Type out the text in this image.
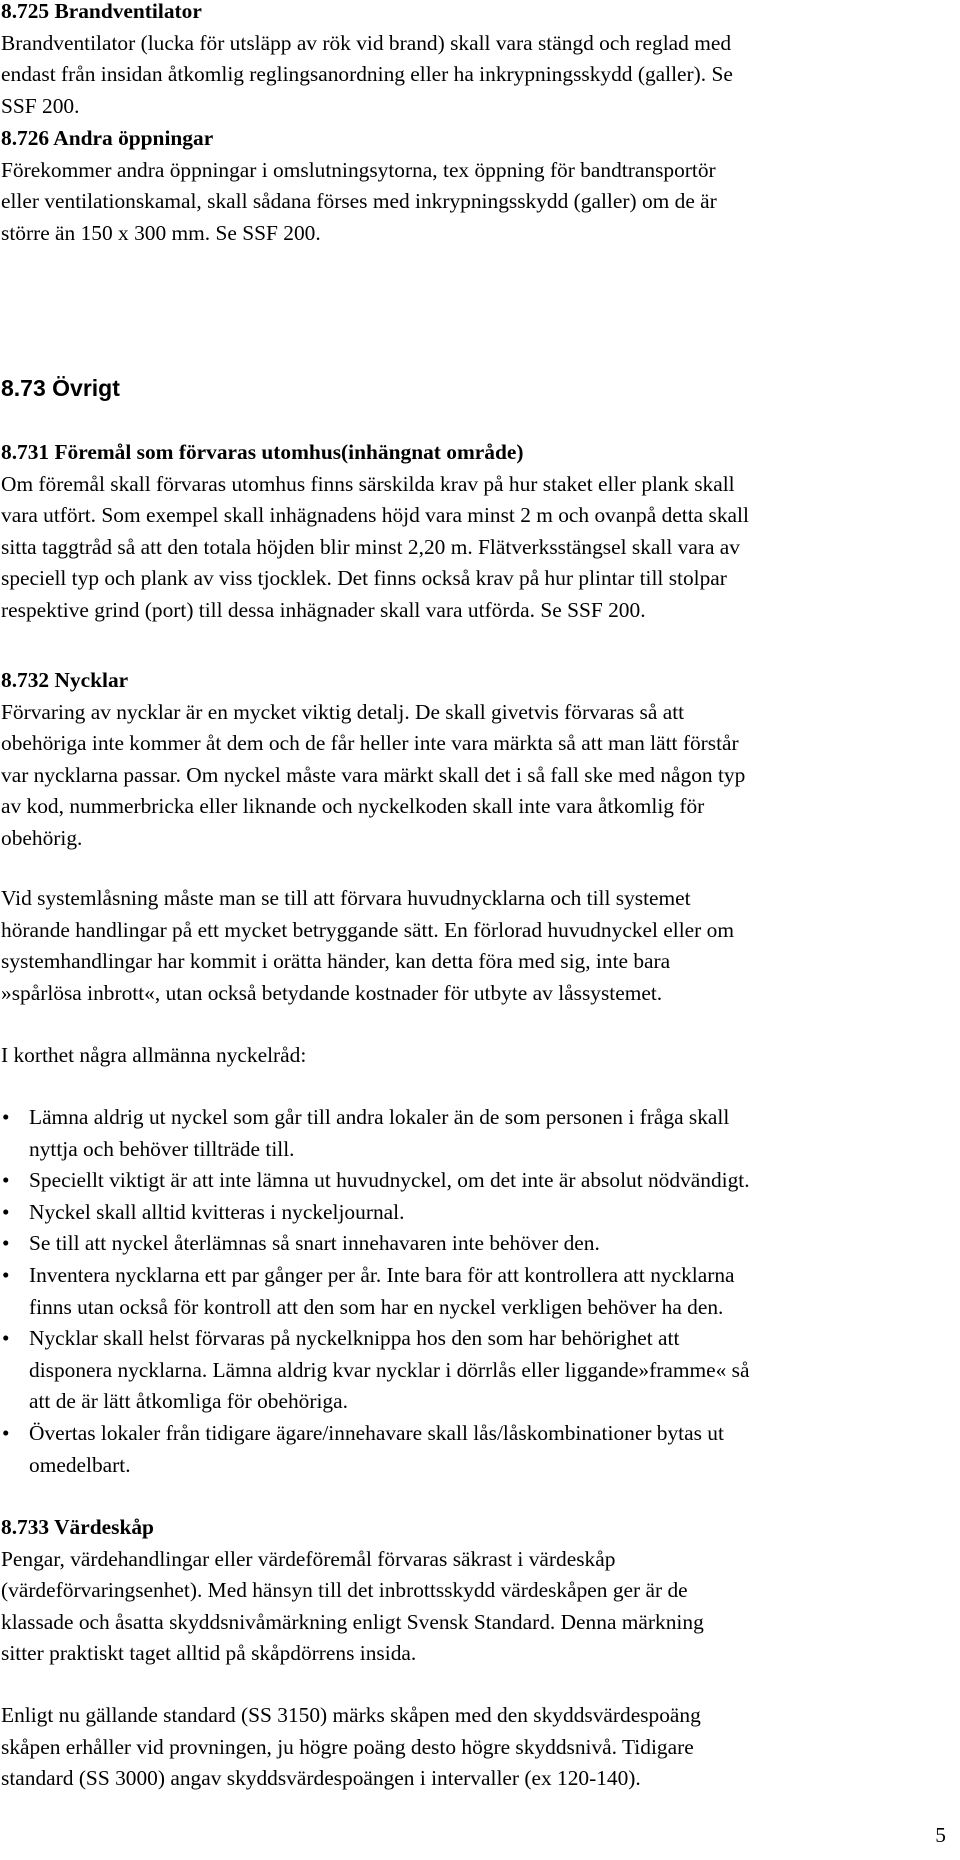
8.725 Brandventilator
Brandventilator (lucka för utsläpp av rök vid brand) skall vara stängd och reglad med
endast från insidan åtkomlig reglingsanordning eller ha inkrypningsskydd (galler). Se
SSF 200.
8.726 Andra öppningar
Förekommer andra öppningar i omslutningsytorna, tex öppning för bandtransportör
eller ventilationskamal, skall sådana förses med inkrypningsskydd (galler) om de är
större än 150 x 300 mm. Se SSF 200.
8.73 Övrigt
8.731 Föremål som förvaras utomhus(inhängnat område)
Om föremål skall förvaras utomhus finns särskilda krav på hur staket eller plank skall
vara utfört. Som exempel skall inhägnadens höjd vara minst 2 m och ovanpå detta skall
sitta taggtråd så att den totala höjden blir minst 2,20 m. Flätverksstängsel skall vara av
speciell typ och plank av viss tjocklek. Det finns också krav på hur plintar till stolpar
respektive grind (port) till dessa inhägnader skall vara utförda. Se SSF 200.
8.732 Nycklar
Förvaring av nycklar är en mycket viktig detalj. De skall givetvis förvaras så att
obehöriga inte kommer åt dem och de får heller inte vara märkta så att man lätt förstår
var nycklarna passar. Om nyckel måste vara märkt skall det i så fall ske med någon typ
av kod, nummerbricka eller liknande och nyckelkoden skall inte vara åtkomlig för
obehörig.
Vid systemlåsning måste man se till att förvara huvudnycklarna och till systemet
hörande handlingar på ett mycket betryggande sätt. En förlorad huvudnyckel eller om
systemhandlingar har kommit i orätta händer, kan detta föra med sig, inte bara
»spårlösa inbrott«, utan också betydande kostnader för utbyte av låssystemet.
I korthet några allmänna nyckelråd:
• Lämna aldrig ut nyckel som går till andra lokaler än de som personen i fråga skall
nyttja och behöver tillträde till.
• Speciellt viktigt är att inte lämna ut huvudnyckel, om det inte är absolut nödvändigt.
• Nyckel skall alltid kvitteras i nyckeljournal.
• Se till att nyckel återlämnas så snart innehavaren inte behöver den.
• Inventera nycklarna ett par gånger per år. Inte bara för att kontrollera att nycklarna
finns utan också för kontroll att den som har en nyckel verkligen behöver ha den.
• Nycklar skall helst förvaras på nyckelknippa hos den som har behörighet att
disponera nycklarna. Lämna aldrig kvar nycklar i dörrlås eller liggande»framme« så
att de är lätt åtkomliga för obehöriga.
• Övertas lokaler från tidigare ägare/innehavare skall lås/låskombinationer bytas ut
omedelbart.
8.733 Värdeskåp
Pengar, värdehandlingar eller värdeföremål förvaras säkrast i värdeskåp
(värdeförvaringsenhet). Med hänsyn till det inbrottsskydd värdeskåpen ger är de
klassade och åsatta skyddsnivåmärkning enligt Svensk Standard. Denna märkning
sitter praktiskt taget alltid på skåpdörrens insida.
Enligt nu gällande standard (SS 3150) märks skåpen med den skyddsvärdespoäng
skåpen erhåller vid provningen, ju högre poäng desto högre skyddsnivå. Tidigare
standard (SS 3000) angav skyddsvärdespoängen i intervaller (ex 120-140).
5
